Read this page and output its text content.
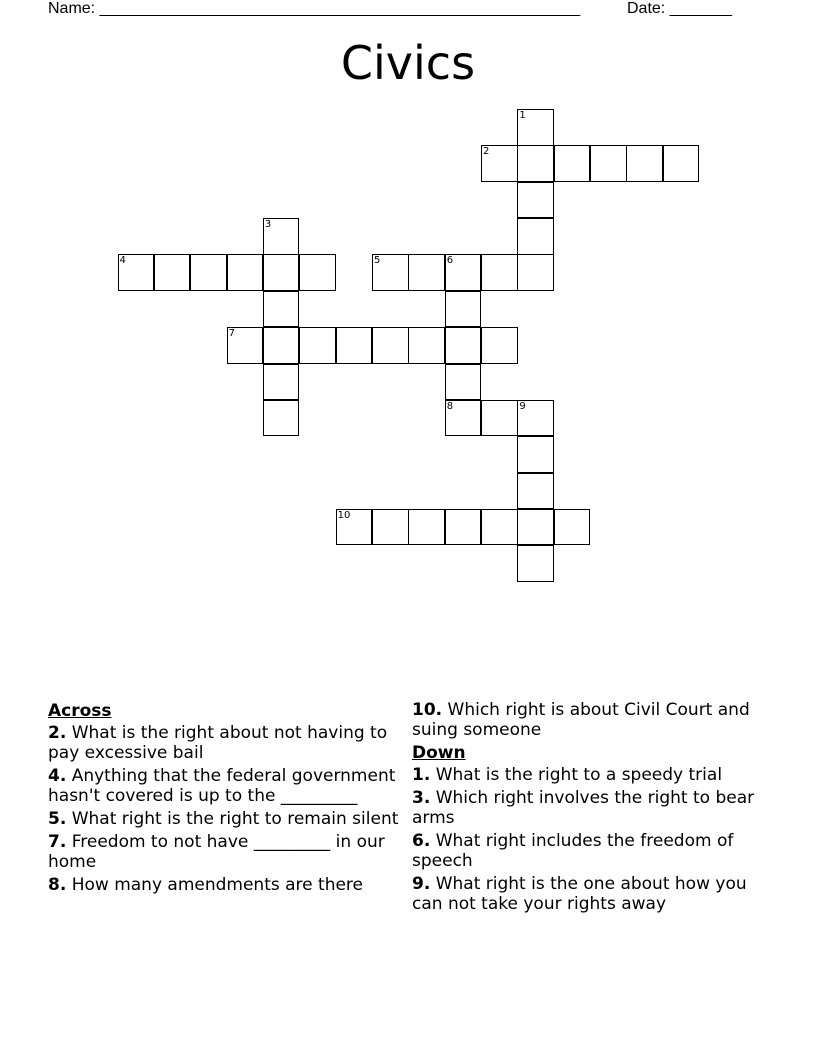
Name: ______________________________________________________	Date: _______
Civics
1
2
3
4	5	6
8
7
9
10
Across
2. What is the right about not having to pay excessive bail
4. Anything that the federal government hasn't covered is up to the _________
5. What right is the right to remain silent
7. Freedom to not have _________ in our home
8. How many amendments are there
10. Which right is about Civil Court and suing someone
Down
1. What is the right to a speedy trial
3. Which right involves the right to bear arms
6. What right includes the freedom of speech
9. What right is the one about how you can not take your rights away
